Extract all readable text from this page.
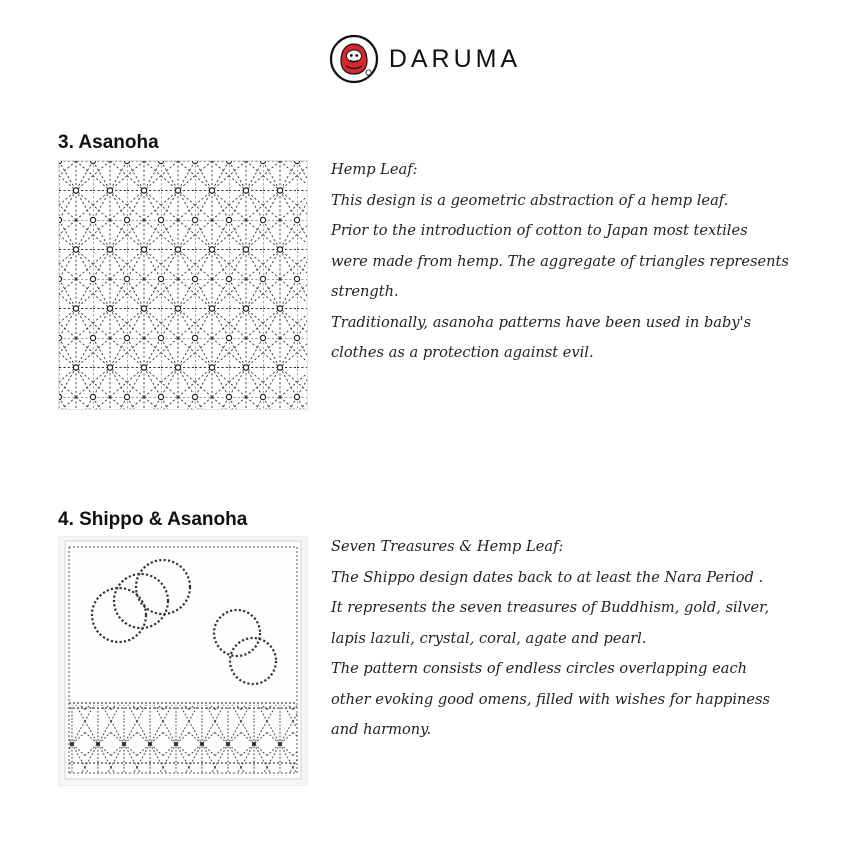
DARUMA
3. Asanoha

Hemp Leaf:

This design is a geometric abstraction of a hemp leaf.

Prior to the introduction of cotton to Japan most textiles

were made from hemp. The aggregate of triangles represents

strength.

Traditionally, asanoha patterns have been used in baby's

clothes as a protection against evil.

4. Shippo & Asanoha

Seven Treasures & Hemp Leaf:

The Shippo design dates back to at least the Nara Period .

It represents the seven treasures of Buddhism, gold, silver,

lapis lazuli, crystal, coral, agate and pearl.

The pattern consists of endless circles overlapping each

other evoking good omens, filled with wishes for happiness

and harmony.
